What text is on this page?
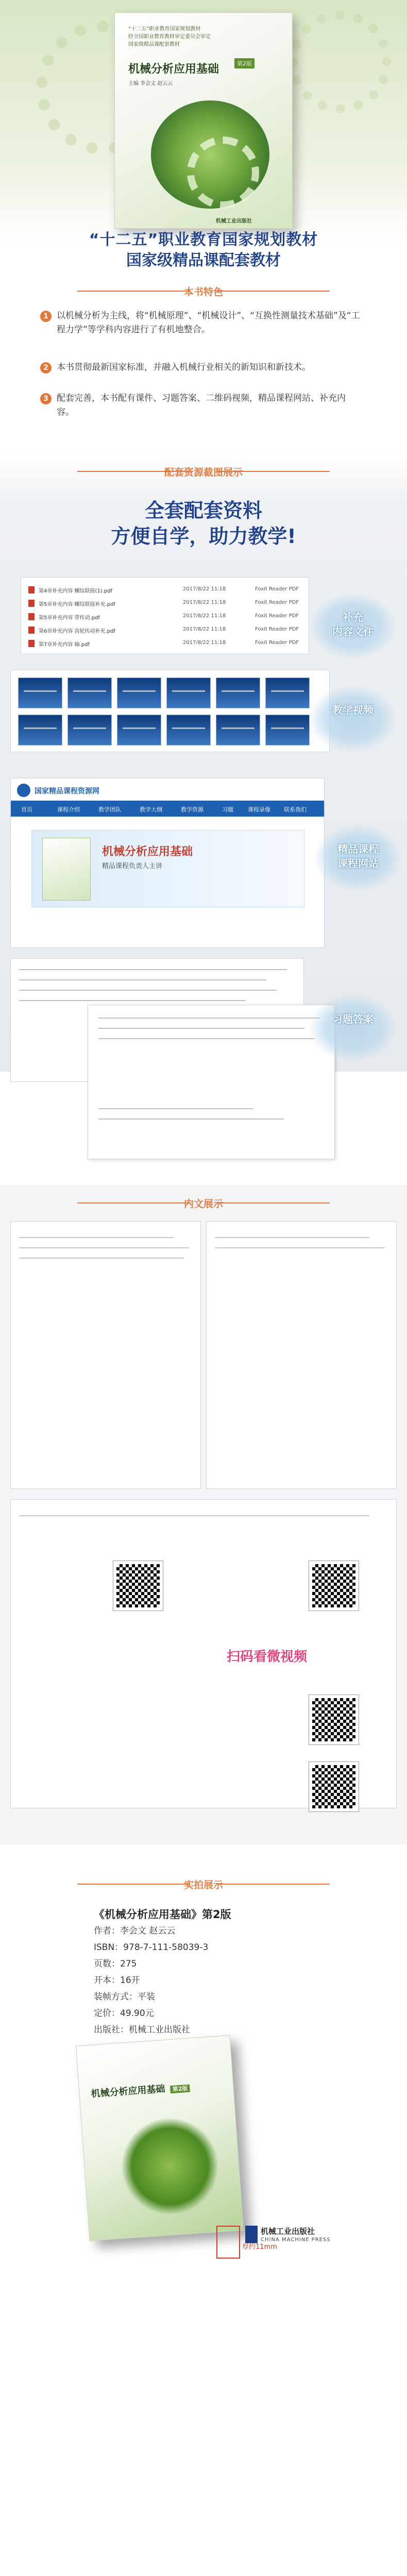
“十二五”职业教育国家规划教材
经全国职业教育教材审定委员会审定
国家级精品课配套教材
机械分析应用基础	第2版
主编 李会文 赵云云
机械工业出版社
“十二五”职业教育国家规划教材
国家级精品课配套教材
本书特色
1 以机械分析为主线，将“机械原理”、“机械设计”、“互换性测量技术基础”及“工程力学”等学科内容进行了有机地整合。
2 本书贯彻最新国家标准，并融入机械行业相关的新知识和新技术。
3 配套完善，本书配有课件、习题答案、二维码视频，精品课程网站、补充内容。
配套资源截图展示
全套配套资料
方便自学，助力教学!
第4章补充内容 螺纹联接(1).pdf	2017/8/22 11:18	Foxit Reader PDF
第5章补充内容 螺纹联接补充.pdf	2017/8/22 11:18	Foxit Reader PDF
第5章补充内容 带传动.pdf	2017/8/22 11:18	Foxit Reader PDF
第6章补充内容 齿轮传动补充.pdf	2017/8/22 11:18	Foxit Reader PDF
第7章补充内容 轴.pdf	2017/8/22 11:18	Foxit Reader PDF
补充
内容文件
教学视频
国家精品课程资源网
首页	课程介绍	教学团队	教学大纲	教学资源	习题	课程录像 联系我们
机械分析应用基础
精品课程负责人主讲
精品课程
课程网站
习题答案
内文展示
扫码看微视频
实拍展示
《机械分析应用基础》第2版
作者：李会文 赵云云
ISBN：978-7-111-58039-3
页数：275
开本：16开
装帧方式：平装
定价：49.90元
出版社：机械工业出版社
机械分析应用基础 第2版
厚约11mm
机械工业出版社
CHINA MACHINE PRESS
